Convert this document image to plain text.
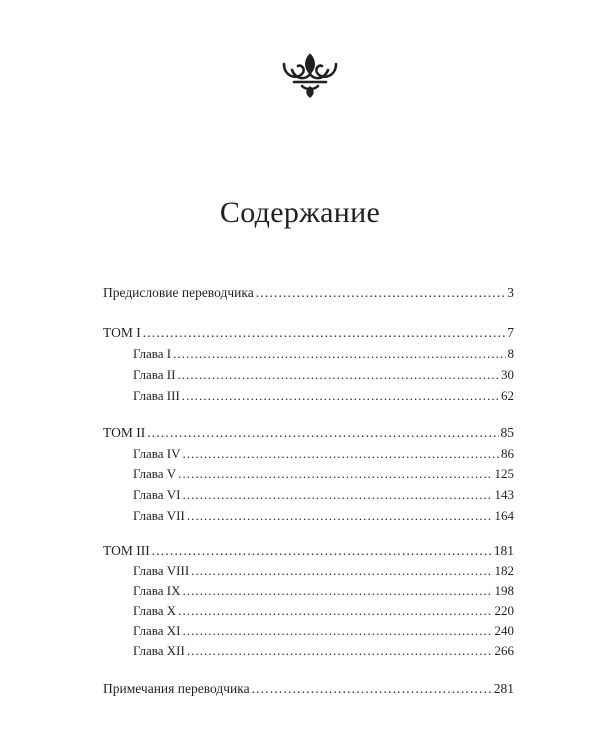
Содержание
Предисловие переводчика . . .	3
ТОМ I . . .	7
Глава I . . .	8
Глава II . . .	30
Глава III . . .	62
ТОМ II . . .	85
Глава IV . . .	86
Глава V . . .	125
Глава VI . . .	143
Глава VII . . .	164
ТОМ III . . .	181
Глава VIII . . .	182
Глава IX . . .	198
Глава X . . .	220
Глава XI . . .	240
Глава XII . . .	266
Примечания переводчика . . .	281
